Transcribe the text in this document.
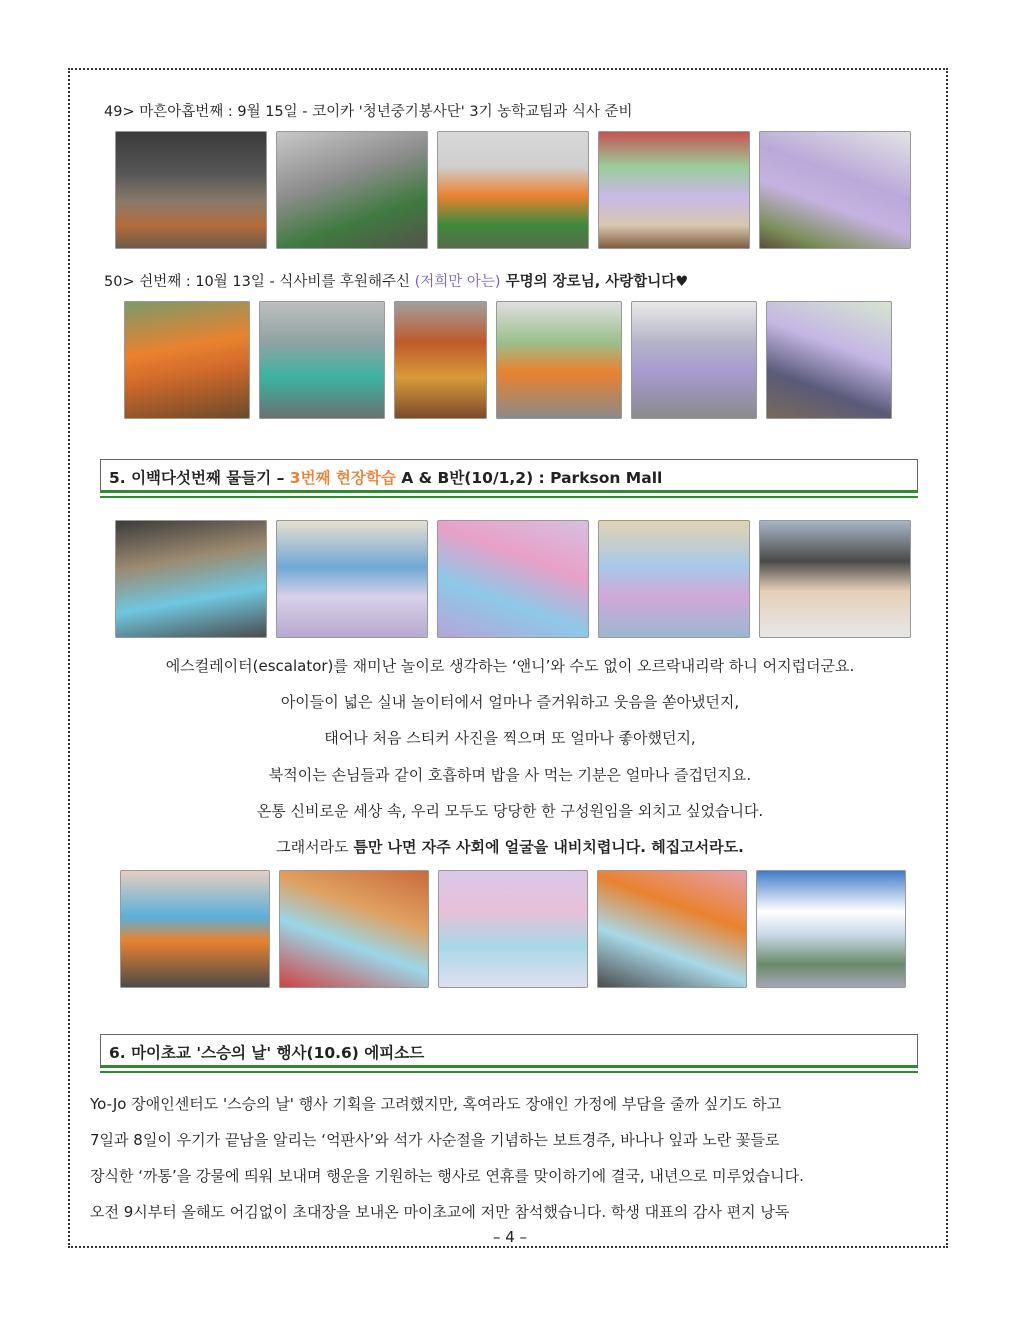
49> 마흔아홉번째 : 9월 15일 - 코이카 '청년중기봉사단' 3기 농학교팀과 식사 준비
50> 쉰번째 : 10월 13일 - 식사비를 후원해주신 (저희만 아는) 무명의 장로님, 사랑합니다♥
5. 이백다섯번째 물들기 – 3번째 현장학습 A & B반(10/1,2) : Parkson Mall
에스컬레이터(escalator)를 재미난 놀이로 생각하는 ‘앤니’와 수도 없이 오르락내리락 하니 어지럽더군요.
아이들이 넓은 실내 놀이터에서 얼마나 즐거워하고 웃음을 쏟아냈던지,
태어나 처음 스티커 사진을 찍으며 또 얼마나 좋아했던지,
북적이는 손님들과 같이 호흡하며 밥을 사 먹는 기분은 얼마나 즐겁던지요.
온통 신비로운 세상 속, 우리 모두도 당당한 한 구성원임을 외치고 싶었습니다.
그래서라도 틈만 나면 자주 사회에 얼굴을 내비치렵니다. 헤집고서라도.
6. 마이초교 '스승의 날' 행사(10.6) 에피소드
Yo-Jo 장애인센터도 '스승의 날' 행사 기획을 고려했지만, 혹여라도 장애인 가정에 부담을 줄까 싶기도 하고
7일과 8일이 우기가 끝남을 알리는 ‘억판사’와 석가 사순절을 기념하는 보트경주, 바나나 잎과 노란 꽃들로
장식한 ‘까통’을 강물에 띄워 보내며 행운을 기원하는 행사로 연휴를 맞이하기에 결국, 내년으로 미루었습니다.
오전 9시부터 올해도 어김없이 초대장을 보내온 마이초교에 저만 참석했습니다. 학생 대표의 감사 편지 낭독
– 4 –
